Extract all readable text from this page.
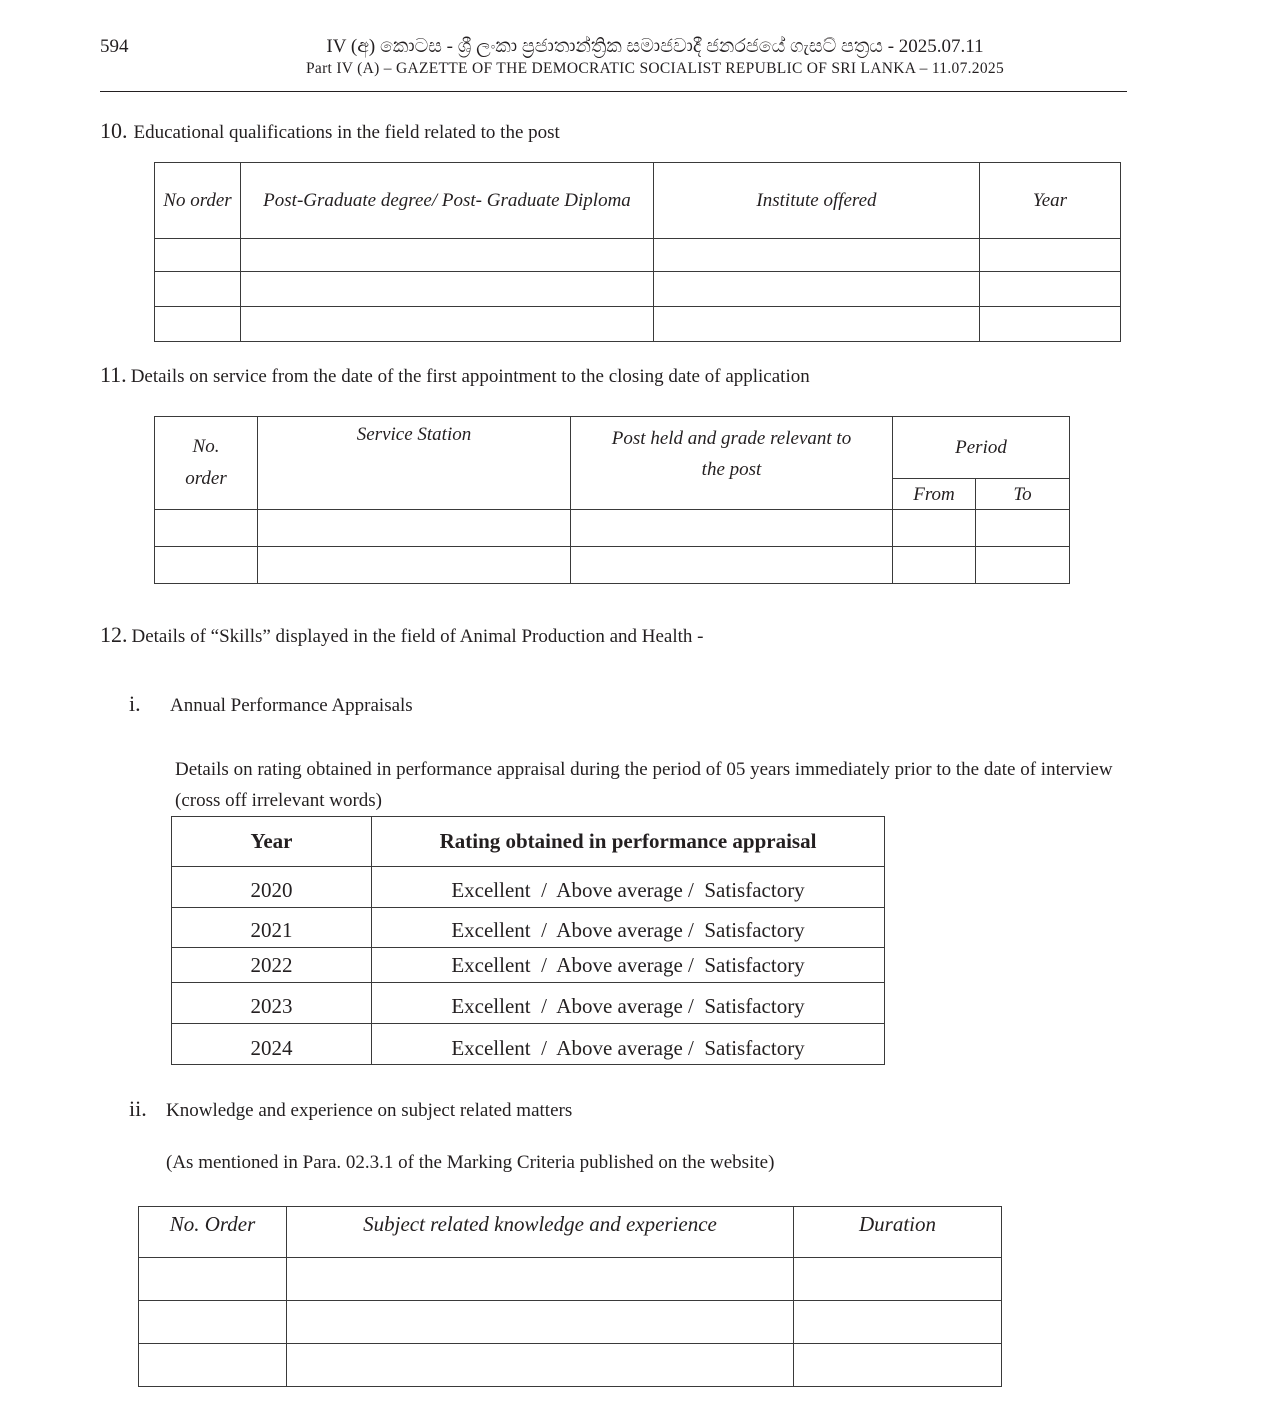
594	IV (අ) කොටස - ශ්‍රී ලංකා ප්‍රජාතාන්ත්‍රික සමාජවාදී ජනරජයේ ගැසට් පත්‍රය - 2025.07.11
Part IV (A) – GAZETTE OF THE DEMOCRATIC SOCIALIST REPUBLIC OF SRI LANKA – 11.07.2025
10. Educational qualifications in the field related to the post
No order	Post-Graduate degree/ Post- Graduate Diploma	Institute offered	Year

11. Details on service from the date of the first appointment to the closing date of application
No. order	Service Station	Post held and grade relevant to the post	Period	
			From	To

12. Details of “Skills” displayed in the field of Animal Production and Health -
i. Annual Performance Appraisals
Details on rating obtained in performance appraisal during the period of 05 years immediately prior to the date of interview (cross off irrelevant words)
Year	Rating obtained in performance appraisal
2020	Excellent  /  Above average /  Satisfactory
2021	Excellent  /  Above average /  Satisfactory
2022	Excellent  /  Above average /  Satisfactory
2023	Excellent  /  Above average /  Satisfactory
2024	Excellent  /  Above average /  Satisfactory
ii. Knowledge and experience on subject related matters
(As mentioned in Para. 02.3.1 of the Marking Criteria published on the website)
No. Order	Subject related knowledge and experience	Duration
